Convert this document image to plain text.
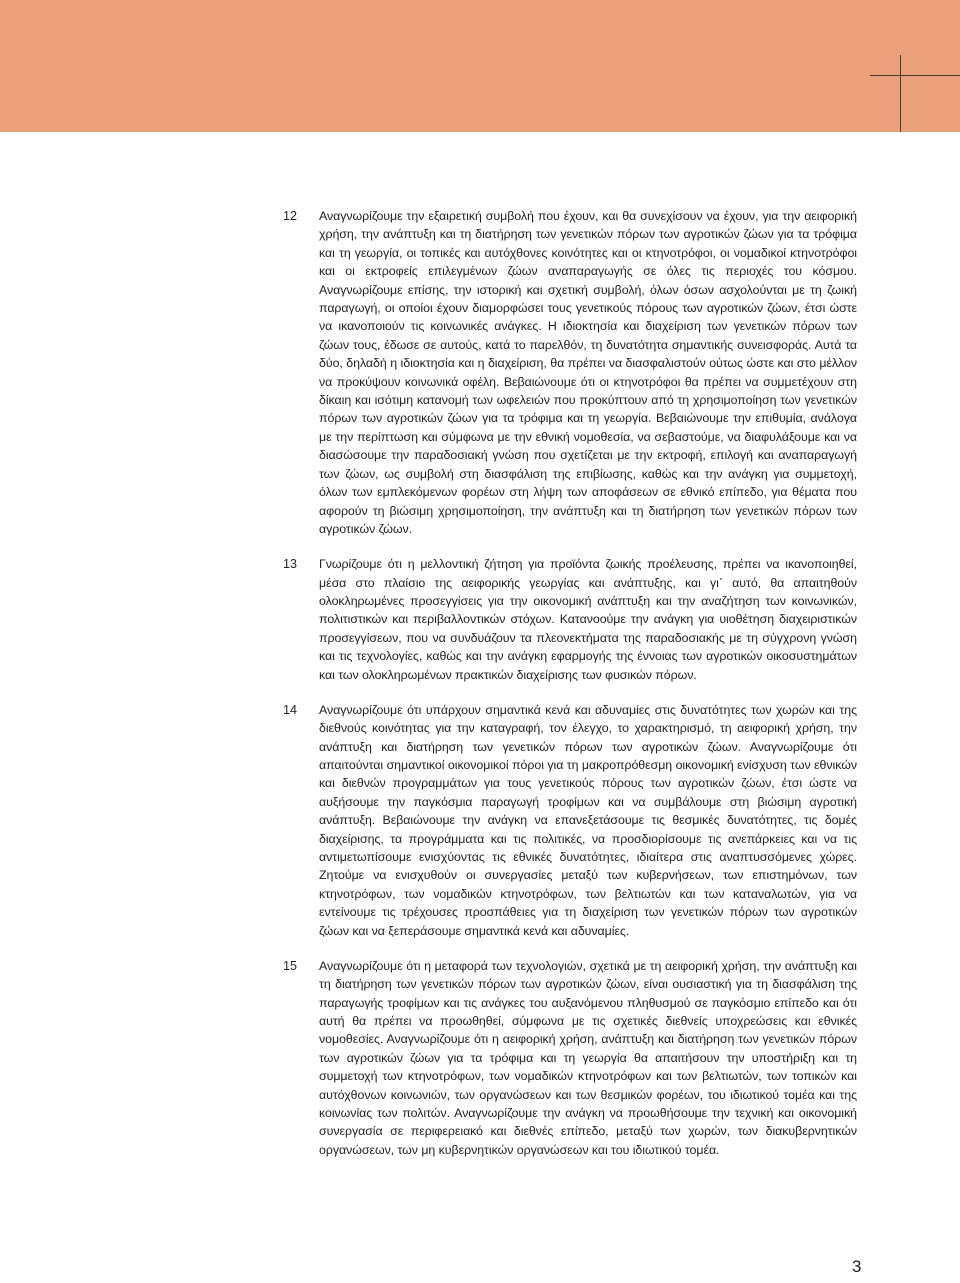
12	Αναγνωρίζουμε την εξαιρετική συμβολή που έχουν, και θα συνεχίσουν να έχουν, για την αειφορική χρήση, την ανάπτυξη και τη διατήρηση των γενετικών πόρων των αγροτικών ζώων για τα τρόφιμα και τη γεωργία, οι τοπικές και αυτόχθονες κοινότητες και οι κτηνοτρόφοι, οι νομαδικοί κτηνοτρόφοι και οι εκτροφείς επιλεγμένων ζώων αναπαραγωγής σε όλες τις περιοχές του κόσμου. Αναγνωρίζουμε επίσης, την ιστορική και σχετική συμβολή, όλων όσων ασχολούνται με τη ζωική παραγωγή, οι οποίοι έχουν διαμορφώσει τους γενετικούς πόρους των αγροτικών ζώων, έτσι ώστε να ικανοποιούν τις κοινωνικές ανάγκες. Η ιδιοκτησία και διαχείριση των γενετικών πόρων των ζώων τους, έδωσε σε αυτούς, κατά το παρελθόν, τη δυνατότητα σημαντικής συνεισφοράς. Αυτά τα δύο, δηλαδή η ιδιοκτησία και η διαχείριση, θα πρέπει να διασφαλιστούν ούτως ώστε και στο μέλλον να προκύψουν κοινωνικά οφέλη. Βεβαιώνουμε ότι οι κτηνοτρόφοι θα πρέπει να συμμετέχουν στη δίκαιη και ισότιμη κατανομή των ωφελειών που προκύπτουν από τη χρησιμοποίηση των γενετικών πόρων των αγροτικών ζώων για τα τρόφιμα και τη γεωργία. Βεβαιώνουμε την επιθυμία, ανάλογα με την περίπτωση και σύμφωνα με την εθνική νομοθεσία, να σεβαστούμε, να διαφυλάξουμε και να διασώσουμε την παραδοσιακή γνώση που σχετίζεται με την εκτροφή, επιλογή και αναπαραγωγή των ζώων, ως συμβολή στη διασφάλιση της επιβίωσης, καθώς και την ανάγκη για συμμετοχή, όλων των εμπλεκόμενων φορέων στη λήψη των αποφάσεων σε εθνικό επίπεδο, για θέματα που αφορούν τη βιώσιμη χρησιμοποίηση, την ανάπτυξη και τη διατήρηση των γενετικών πόρων των αγροτικών ζώων.
13	Γνωρίζουμε ότι η μελλοντική ζήτηση για προϊόντα ζωικής προέλευσης, πρέπει να ικανοποιηθεί, μέσα στο πλαίσιο της αειφορικής γεωργίας και ανάπτυξης, και γι΄ αυτό, θα απαιτηθούν ολοκληρωμένες προσεγγίσεις για την οικονομική ανάπτυξη και την αναζήτηση των κοινωνικών, πολιτιστικών και περιβαλλοντικών στόχων. Κατανοούμε την ανάγκη για υιοθέτηση διαχειριστικών προσεγγίσεων, που να συνδυάζουν τα πλεονεκτήματα της παραδοσιακής με τη σύγχρονη γνώση και τις τεχνολογίες, καθώς και την ανάγκη εφαρμογής της έννοιας των αγροτικών οικοσυστημάτων και των ολοκληρωμένων πρακτικών διαχείρισης των φυσικών πόρων.
14	Αναγνωρίζουμε ότι υπάρχουν σημαντικά κενά και αδυναμίες στις δυνατότητες των χωρών και της διεθνούς κοινότητας για την καταγραφή, τον έλεγχο, το χαρακτηρισμό, τη αειφορική χρήση, την ανάπτυξη και διατήρηση των γενετικών πόρων των αγροτικών ζώων. Αναγνωρίζουμε ότι απαιτούνται σημαντικοί οικονομικοί πόροι για τη μακροπρόθεσμη οικονομική ενίσχυση των εθνικών και διεθνών προγραμμάτων για τους γενετικούς πόρους των αγροτικών ζώων, έτσι ώστε να αυξήσουμε την παγκόσμια παραγωγή τροφίμων και να συμβάλουμε στη βιώσιμη αγροτική ανάπτυξη. Βεβαιώνουμε την ανάγκη να επανεξετάσουμε τις θεσμικές δυνατότητες, τις δομές διαχείρισης, τα προγράμματα και τις πολιτικές, να προσδιορίσουμε τις ανεπάρκειες και να τις αντιμετωπίσουμε ενισχύοντας τις εθνικές δυνατότητες, ιδιαίτερα στις αναπτυσσόμενες χώρες. Ζητούμε να ενισχυθούν οι συνεργασίες μεταξύ των κυβερνήσεων, των επιστημόνων, των κτηνοτρόφων, των νομαδικών κτηνοτρόφων, των βελτιωτών και των καταναλωτών, για να εντείνουμε τις τρέχουσες προσπάθειες για τη διαχείριση των γενετικών πόρων των αγροτικών ζώων και να ξεπεράσουμε σημαντικά κενά και αδυναμίες.
15	Αναγνωρίζουμε ότι η μεταφορά των τεχνολογιών, σχετικά με τη αειφορική χρήση, την ανάπτυξη και τη διατήρηση των γενετικών πόρων των αγροτικών ζώων, είναι ουσιαστική για τη διασφάλιση της παραγωγής τροφίμων και τις ανάγκες του αυξανόμενου πληθυσμού σε παγκόσμιο επίπεδο και ότι αυτή θα πρέπει να προωθηθεί, σύμφωνα με τις σχετικές διεθνείς υποχρεώσεις και εθνικές νομοθεσίες. Αναγνωρίζουμε ότι η αειφορική χρήση, ανάπτυξη και διατήρηση των γενετικών πόρων των αγροτικών ζώων για τα τρόφιμα και τη γεωργία θα απαιτήσουν την υποστήριξη και τη συμμετοχή των κτηνοτρόφων, των νομαδικών κτηνοτρόφων και των βελτιωτών, των τοπικών και αυτόχθονων κοινωνιών, των οργανώσεων και των θεσμικών φορέων, του ιδιωτικού τομέα και της κοινωνίας των πολιτών. Αναγνωρίζουμε την ανάγκη να προωθήσουμε την τεχνική και οικονομική συνεργασία σε περιφερειακό και διεθνές επίπεδο, μεταξύ των χωρών, των διακυβερνητικών οργανώσεων, των μη κυβερνητικών οργανώσεων και του ιδιωτικού τομέα.
3
